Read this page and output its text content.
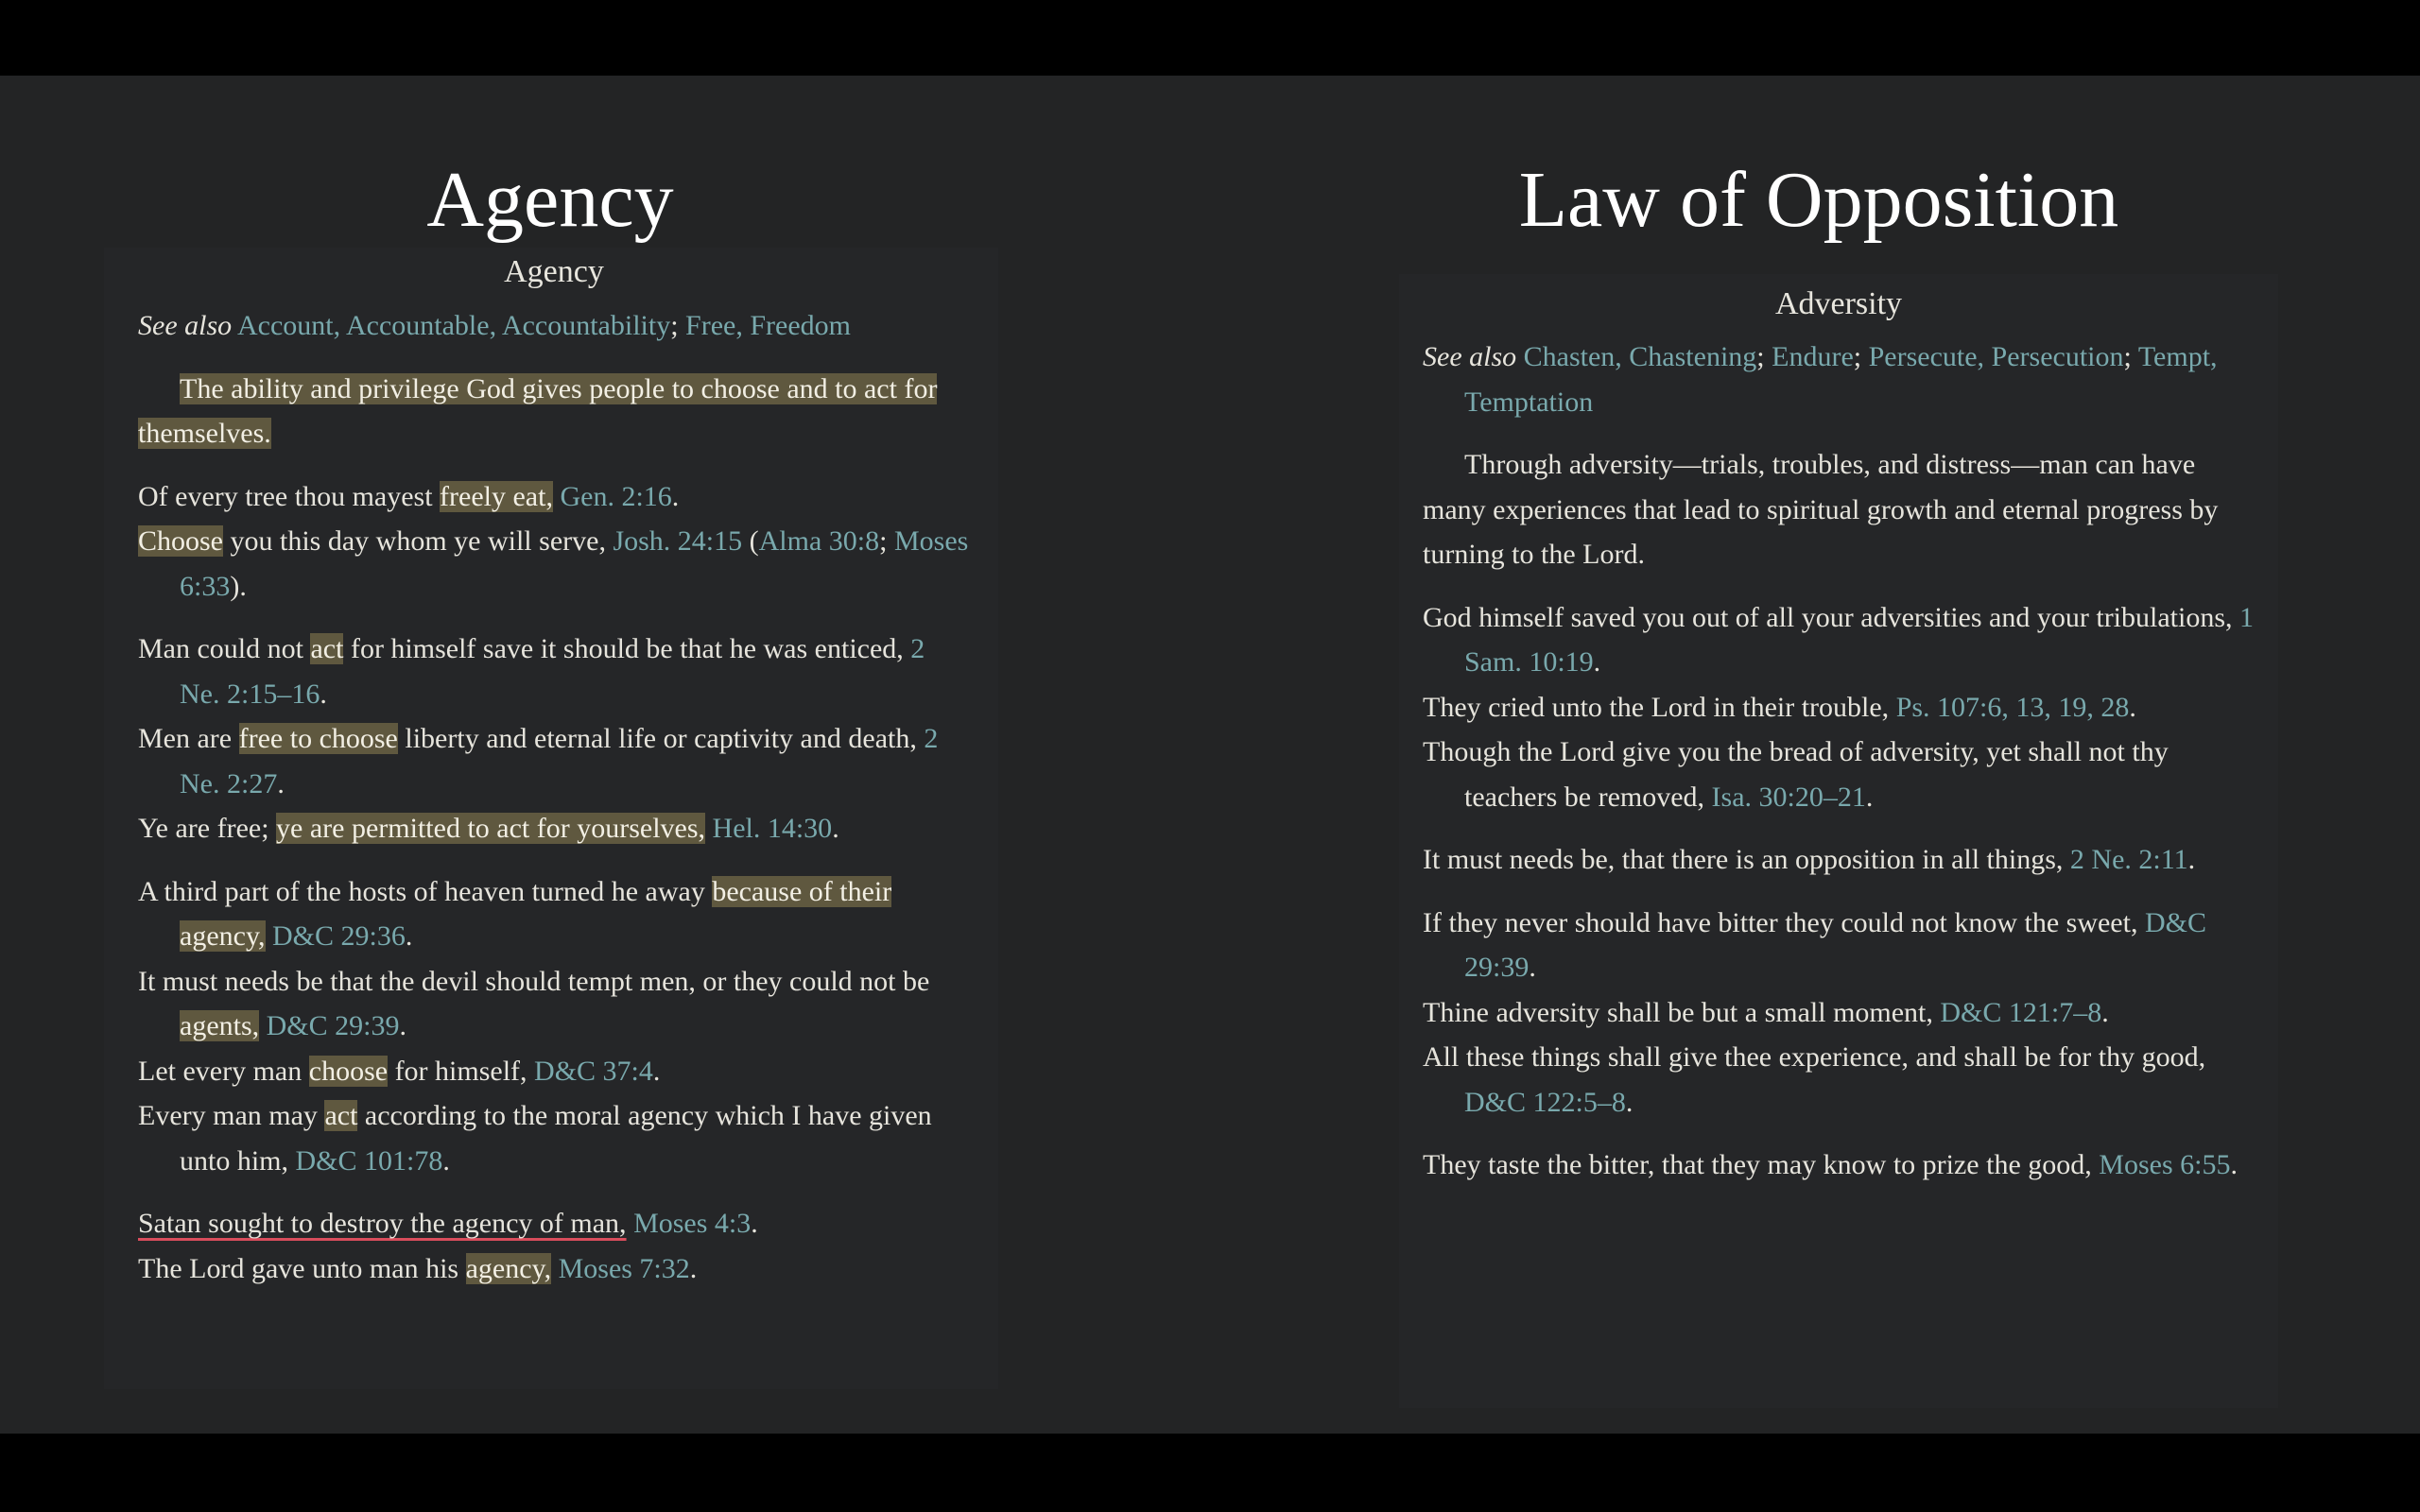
Agency
Agency

See also Account, Accountable, Accountability; Free, Freedom

The ability and privilege God gives people to choose and to act for themselves.

Of every tree thou mayest freely eat, Gen. 2:16.

Choose you this day whom ye will serve, Josh. 24:15 (Alma 30:8; Moses 6:33).

Man could not act for himself save it should be that he was enticed, 2 Ne. 2:15–16.

Men are free to choose liberty and eternal life or captivity and death, 2 Ne. 2:27.

Ye are free; ye are permitted to act for yourselves, Hel. 14:30.

A third part of the hosts of heaven turned he away because of their agency, D&C 29:36.

It must needs be that the devil should tempt men, or they could not be agents, D&C 29:39.

Let every man choose for himself, D&C 37:4.

Every man may act according to the moral agency which I have given unto him, D&C 101:78.

Satan sought to destroy the agency of man, Moses 4:3.

The Lord gave unto man his agency, Moses 7:32.

Law of Opposition
Adversity

See also Chasten, Chastening; Endure; Persecute, Persecution; Tempt, Temptation

Through adversity—trials, troubles, and distress—man can have many experiences that lead to spiritual growth and eternal progress by turning to the Lord.

God himself saved you out of all your adversities and your tribulations, 1 Sam. 10:19.

They cried unto the Lord in their trouble, Ps. 107:6, 13, 19, 28.

Though the Lord give you the bread of adversity, yet shall not thy teachers be removed, Isa. 30:20–21.

It must needs be, that there is an opposition in all things, 2 Ne. 2:11.

If they never should have bitter they could not know the sweet, D&C 29:39.

Thine adversity shall be but a small moment, D&C 121:7–8.

All these things shall give thee experience, and shall be for thy good, D&C 122:5–8.

They taste the bitter, that they may know to prize the good, Moses 6:55.
